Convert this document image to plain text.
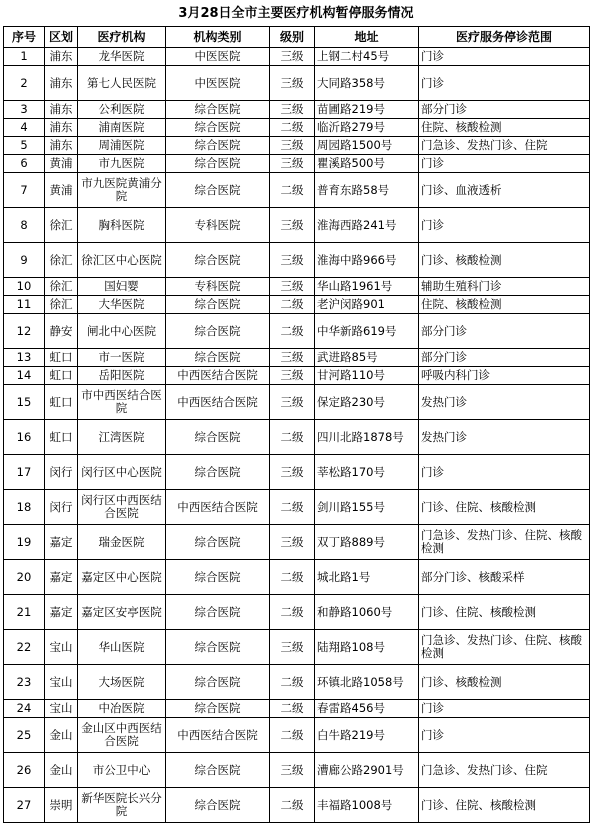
3月28日全市主要医疗机构暂停服务情况
序号	区划	医疗机构	机构类别	级别	地址	医疗服务停诊范围
1	浦东	龙华医院	中医医院	三级	上钢二村45号	门诊
2	浦东	第七人民医院	中医医院	三级	大同路358号	门诊
3	浦东	公利医院	综合医院	三级	苗圃路219号	部分门诊
4	浦东	浦南医院	综合医院	二级	临沂路279号	住院、核酸检测
5	浦东	周浦医院	综合医院	三级	周园路1500号	门急诊、发热门诊、住院
6	黄浦	市九医院	综合医院	三级	瞿溪路500号	门诊
7	黄浦	市九医院黄浦分院	综合医院	二级	普育东路58号	门诊、血液透析
8	徐汇	胸科医院	专科医院	三级	淮海西路241号	门诊
9	徐汇	徐汇区中心医院	综合医院	三级	淮海中路966号	门诊、核酸检测
10	徐汇	国妇婴	专科医院	三级	华山路1961号	辅助生殖科门诊
11	徐汇	大华医院	综合医院	二级	老沪闵路901	住院、核酸检测
12	静安	闸北中心医院	综合医院	二级	中华新路619号	部分门诊
13	虹口	市一医院	综合医院	三级	武进路85号	部分门诊
14	虹口	岳阳医院	中西医结合医院	三级	甘河路110号	呼吸内科门诊
15	虹口	市中西医结合医院	中西医结合医院	三级	保定路230号	发热门诊
16	虹口	江湾医院	综合医院	二级	四川北路1878号	发热门诊
17	闵行	闵行区中心医院	综合医院	三级	莘松路170号	门诊
18	闵行	闵行区中西医结合医院	中西医结合医院	二级	剑川路155号	门诊、住院、核酸检测
19	嘉定	瑞金医院	综合医院	三级	双丁路889号	门急诊、发热门诊、住院、核酸检测
20	嘉定	嘉定区中心医院	综合医院	二级	城北路1号	部分门诊、核酸采样
21	嘉定	嘉定区安亭医院	综合医院	二级	和静路1060号	门诊、住院、核酸检测
22	宝山	华山医院	综合医院	三级	陆翔路108号	门急诊、发热门诊、住院、核酸检测
23	宝山	大场医院	综合医院	二级	环镇北路1058号	门诊、核酸检测
24	宝山	中冶医院	综合医院	二级	春雷路456号	门诊
25	金山	金山区中西医结合医院	中西医结合医院	二级	白牛路219号	门诊
26	金山	市公卫中心	综合医院	三级	漕廊公路2901号	门急诊、发热门诊、住院
27	崇明	新华医院长兴分院	综合医院	二级	丰福路1008号	门诊、住院、核酸检测
